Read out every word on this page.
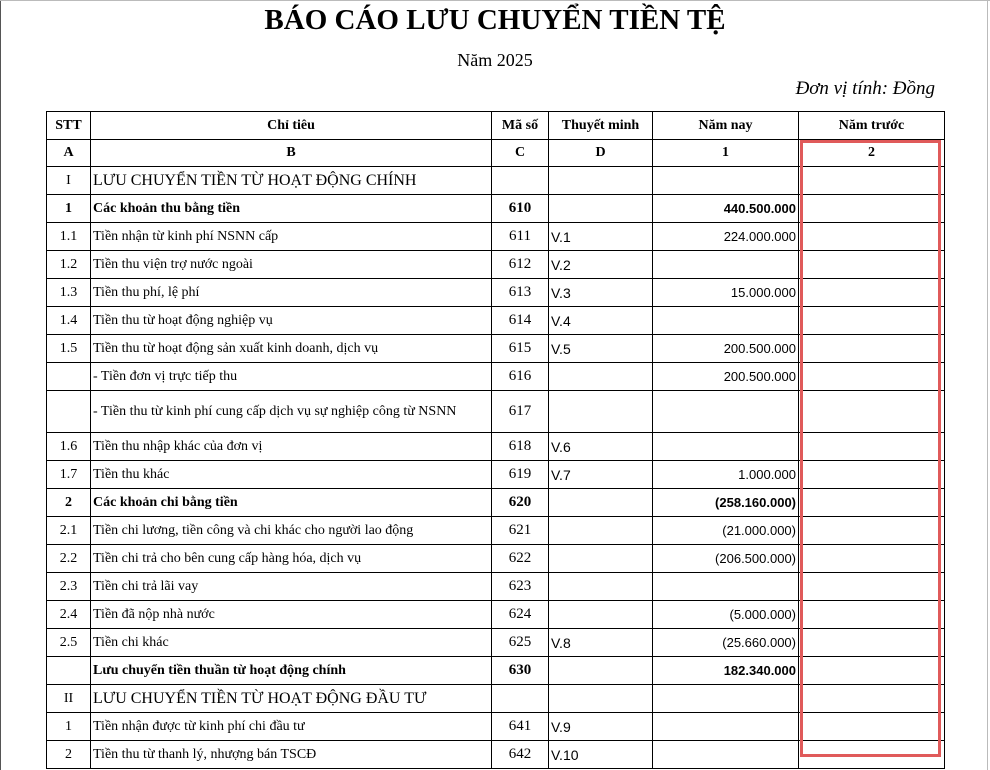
BÁO CÁO LƯU CHUYỂN TIỀN TỆ
Năm 2025
Đơn vị tính: Đồng
STT	Chỉ tiêu	Mã số	Thuyết minh	Năm nay	Năm trước
A	B	C	D	1	2
I	LƯU CHUYỂN TIỀN TỪ HOẠT ĐỘNG CHÍNH				
1	Các khoản thu bằng tiền	610		440.500.000	
1.1	Tiền nhận từ kinh phí NSNN cấp	611	V.1	224.000.000	
1.2	Tiền thu viện trợ nước ngoài	612	V.2		
1.3	Tiền thu phí, lệ phí	613	V.3	15.000.000	
1.4	Tiền thu từ hoạt động nghiệp vụ	614	V.4		
1.5	Tiền thu từ hoạt động sản xuất kinh doanh, dịch vụ	615	V.5	200.500.000	
	- Tiền đơn vị trực tiếp thu	616		200.500.000	
	- Tiền thu từ kinh phí cung cấp dịch vụ sự nghiệp công từ NSNN	617			
1.6	Tiền thu nhập khác của đơn vị	618	V.6		
1.7	Tiền thu khác	619	V.7	1.000.000	
2	Các khoản chi bằng tiền	620		(258.160.000)	
2.1	Tiền chi lương, tiền công và chi khác cho người lao động	621		(21.000.000)	
2.2	Tiền chi trả cho bên cung cấp hàng hóa, dịch vụ	622		(206.500.000)	
2.3	Tiền chi trả lãi vay	623			
2.4	Tiền đã nộp nhà nước	624		(5.000.000)	
2.5	Tiền chi khác	625	V.8	(25.660.000)	
	Lưu chuyển tiền thuần từ hoạt động chính	630		182.340.000	
II	LƯU CHUYỂN TIỀN TỪ HOẠT ĐỘNG ĐẦU TƯ				
1	Tiền nhận được từ kinh phí chi đầu tư	641	V.9		
2	Tiền thu từ thanh lý, nhượng bán TSCĐ	642	V.10		
